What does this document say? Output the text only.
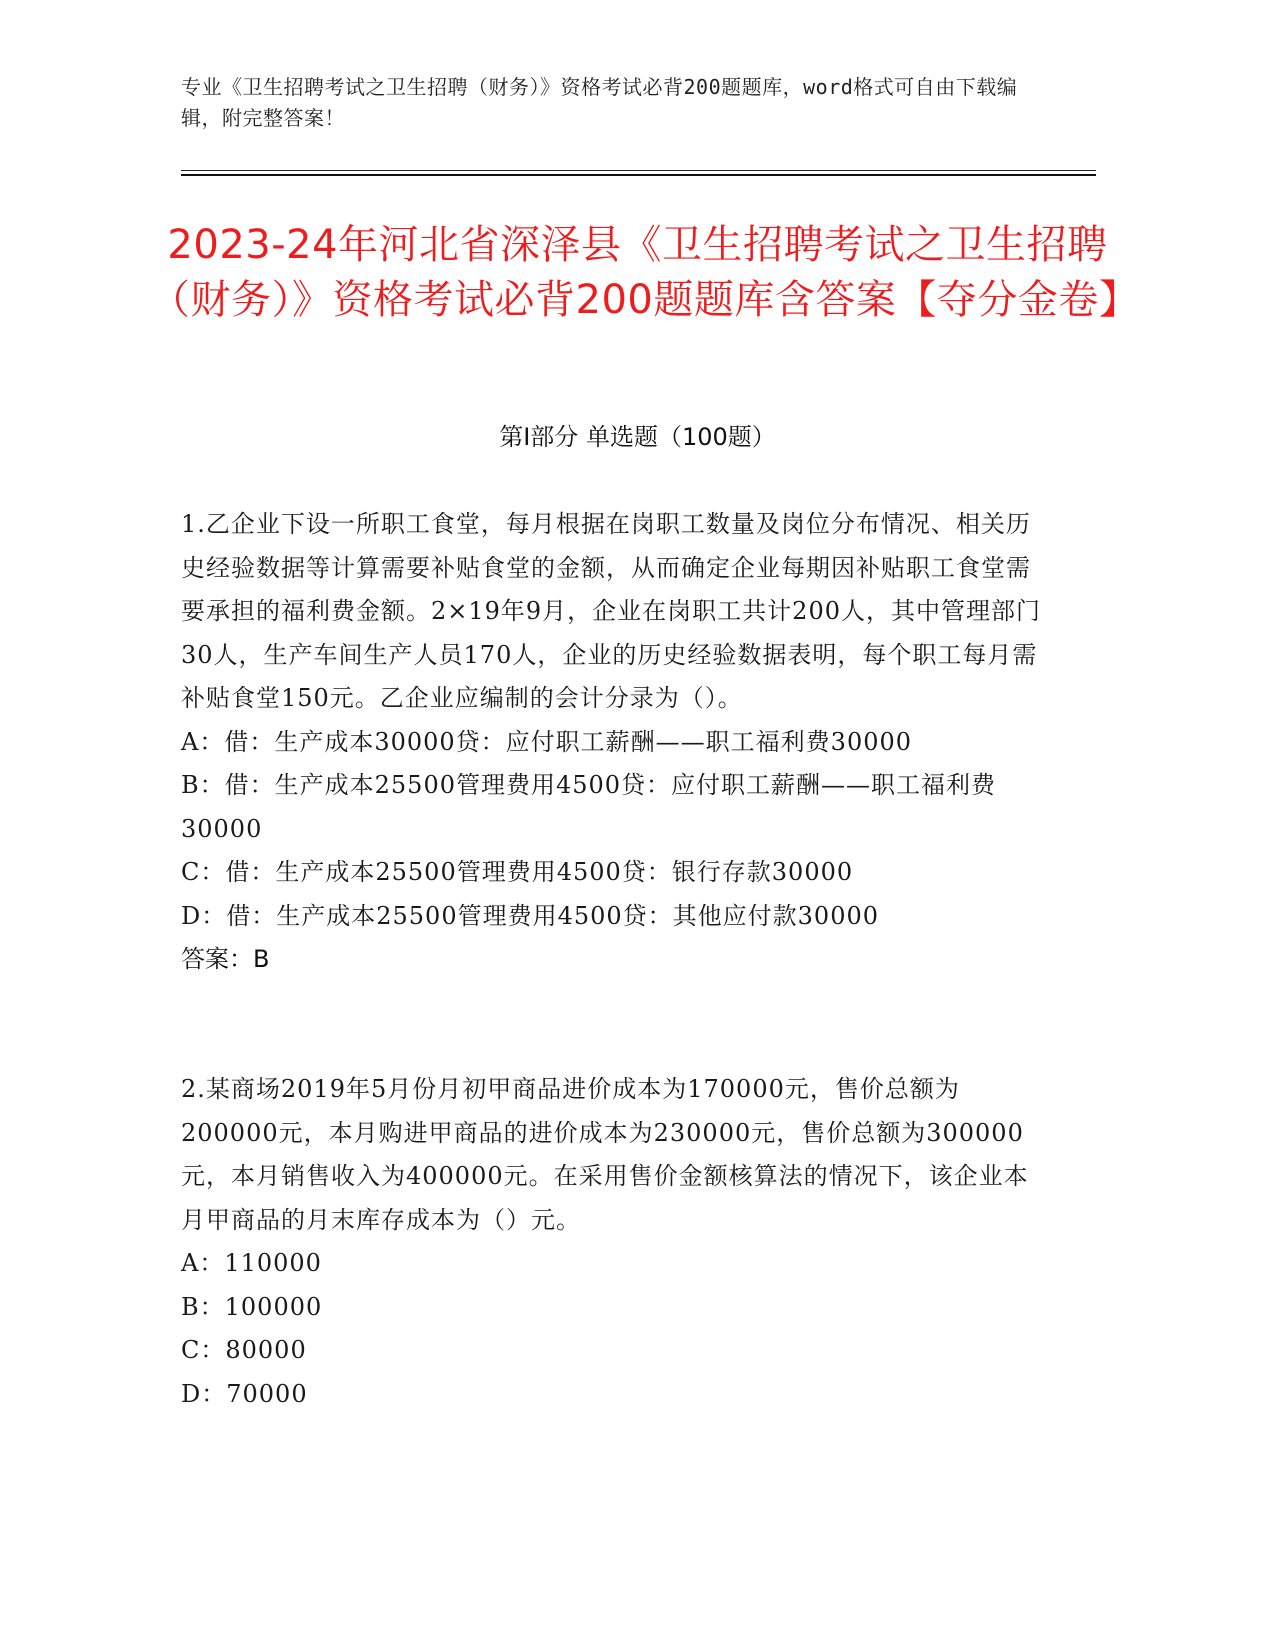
专业《卫生招聘考试之卫生招聘（财务）》资格考试必背200题题库，word格式可自由下载编辑，附完整答案！
2023-24年河北省深泽县《卫生招聘考试之卫生招聘（财务）》资格考试必背200题题库含答案【夺分金卷】
第Ⅰ部分 单选题（100题）

1.乙企业下设一所职工食堂，每月根据在岗职工数量及岗位分布情况、相关历史经验数据等计算需要补贴食堂的金额，从而确定企业每期因补贴职工食堂需要承担的福利费金额。2×19年9月，企业在岗职工共计200人，其中管理部门30人，生产车间生产人员170人，企业的历史经验数据表明，每个职工每月需补贴食堂150元。乙企业应编制的会计分录为（）。

A：借：生产成本30000贷：应付职工薪酬——职工福利费30000

B：借：生产成本25500管理费用4500贷：应付职工薪酬——职工福利费30000

C：借：生产成本25500管理费用4500贷：银行存款30000

D：借：生产成本25500管理费用4500贷：其他应付款30000

答案：B

2.某商场2019年5月份月初甲商品进价成本为170000元，售价总额为200000元，本月购进甲商品的进价成本为230000元，售价总额为300000元，本月销售收入为400000元。在采用售价金额核算法的情况下，该企业本月甲商品的月末库存成本为（）元。

A：110000

B：100000

C：80000

D：70000
